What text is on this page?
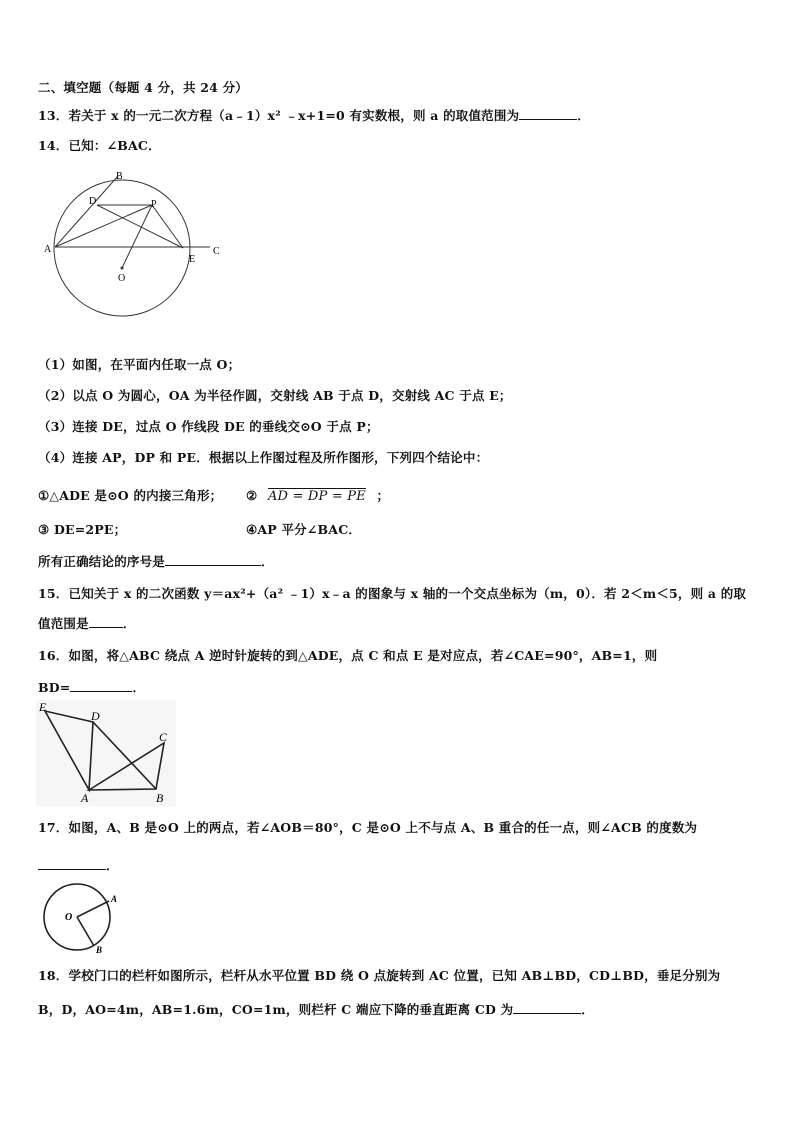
二、填空题（每题 4 分，共 24 分）
13．若关于 x 的一元二次方程（a﹣1）x² ﹣x+1=0 有实数根，则 a 的取值范围为	．
14．已知：∠BAC．
B
D	P
A	C
E
O
（1）如图，在平面内任取一点 O；
（2）以点 O 为圆心，OA 为半径作圆，交射线 AB 于点 D，交射线 AC 于点 E；
（3）连接 DE，过点 O 作线段 DE 的垂线交⊙O 于点 P；
（4）连接 AP，DP 和 PE．根据以上作图过程及所作图形，下列四个结论中：
①△ADE 是⊙O 的内接三角形； ② AD = DP = PE ；
③ DE=2PE；	④AP 平分∠BAC．
所有正确结论的序号是	．
15．已知关于 x 的二次函数 y＝ax²+（a² ﹣1）x﹣a 的图象与 x 轴的一个交点坐标为（m，0）．若 2＜m＜5，则 a 的取
值范围是	．
16．如图，将△ABC 绕点 A 逆时针旋转的到△ADE，点 C 和点 E 是对应点，若∠CAE=90°，AB=1，则
BD=	．
E
D
C
A	B
17．如图，A、B 是⊙O 上的两点，若∠AOB＝80°，C 是⊙O 上不与点 A、B 重合的任一点，则∠ACB 的度数为
．
O
A
B
18．学校门口的栏杆如图所示，栏杆从水平位置 BD 绕 O 点旋转到 AC 位置，已知 AB⊥BD，CD⊥BD，垂足分别为
B，D，AO=4m，AB=1.6m，CO=1m，则栏杆 C 端应下降的垂直距离 CD 为	．
